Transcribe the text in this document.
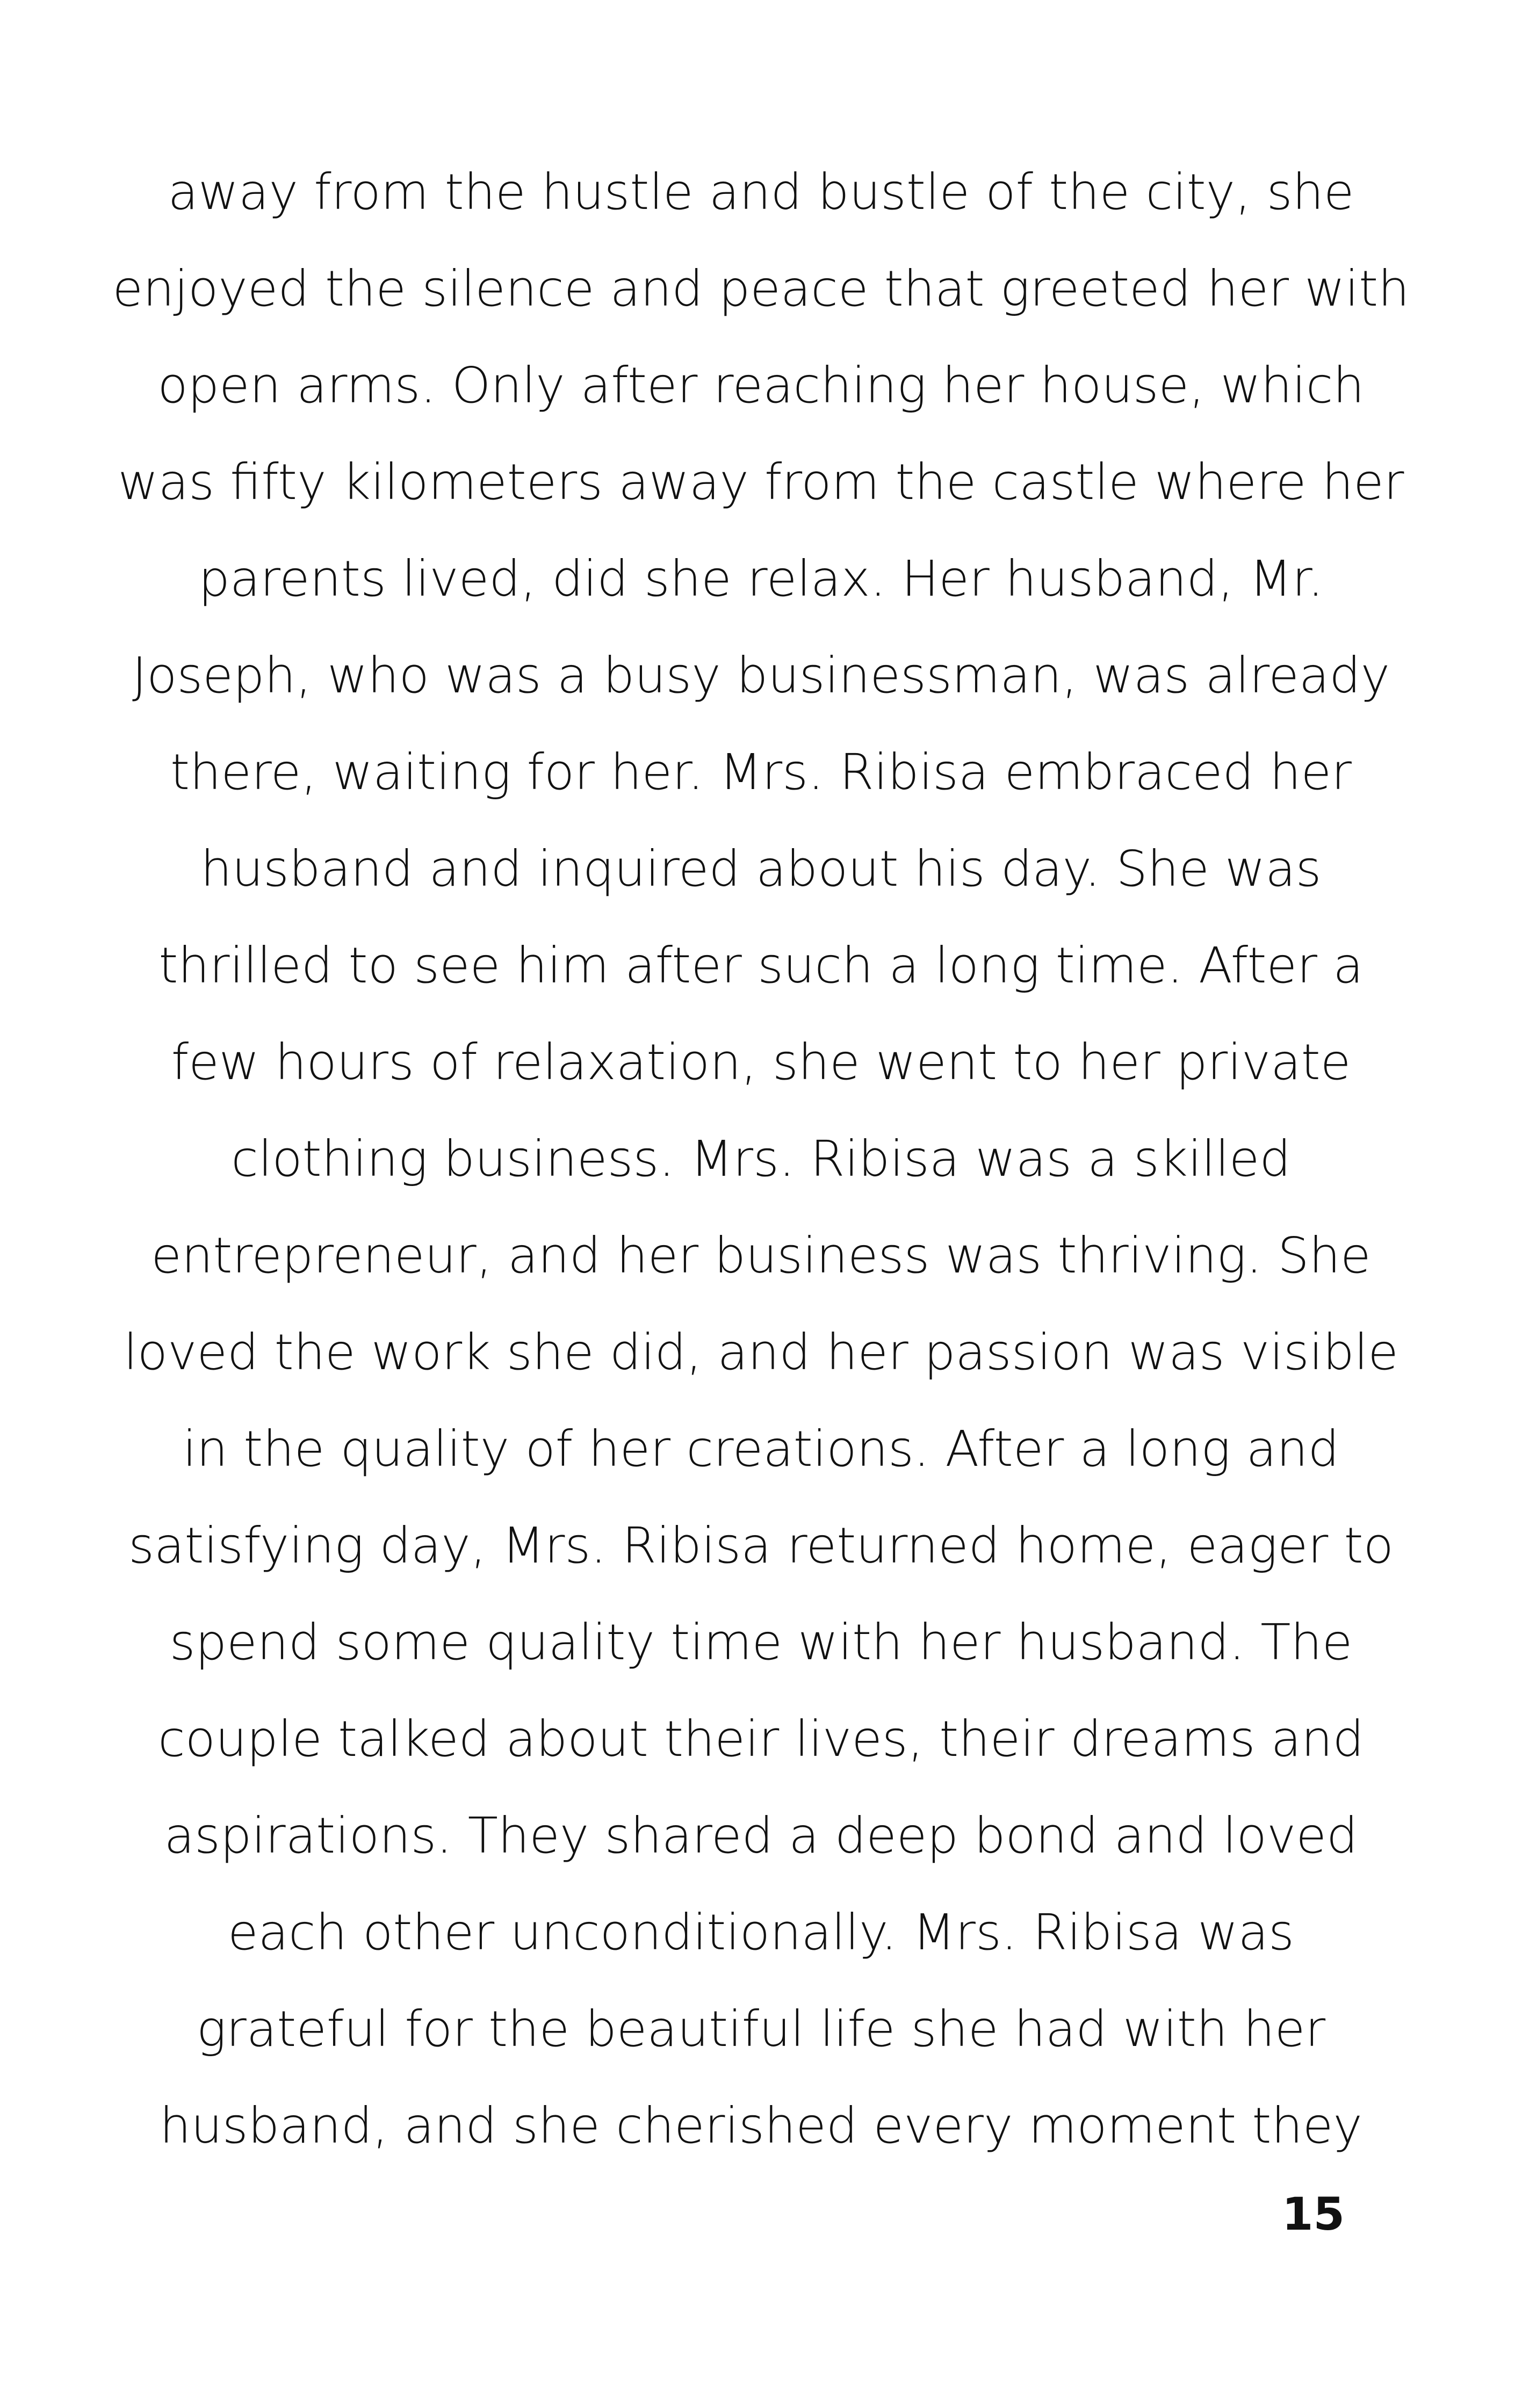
away from the hustle and bustle of the city, she
enjoyed the silence and peace that greeted her with
open arms. Only after reaching her house, which
was fifty kilometers away from the castle where her
parents lived, did she relax. Her husband, Mr.
Joseph, who was a busy businessman, was already
there, waiting for her. Mrs. Ribisa embraced her
husband and inquired about his day. She was
thrilled to see him after such a long time. After a
few hours of relaxation, she went to her private
clothing business. Mrs. Ribisa was a skilled
entrepreneur, and her business was thriving. She
loved the work she did, and her passion was visible
in the quality of her creations. After a long and
satisfying day, Mrs. Ribisa returned home, eager to
spend some quality time with her husband. The
couple talked about their lives, their dreams and
aspirations. They shared a deep bond and loved
each other unconditionally. Mrs. Ribisa was
grateful for the beautiful life she had with her
husband, and she cherished every moment they
15
